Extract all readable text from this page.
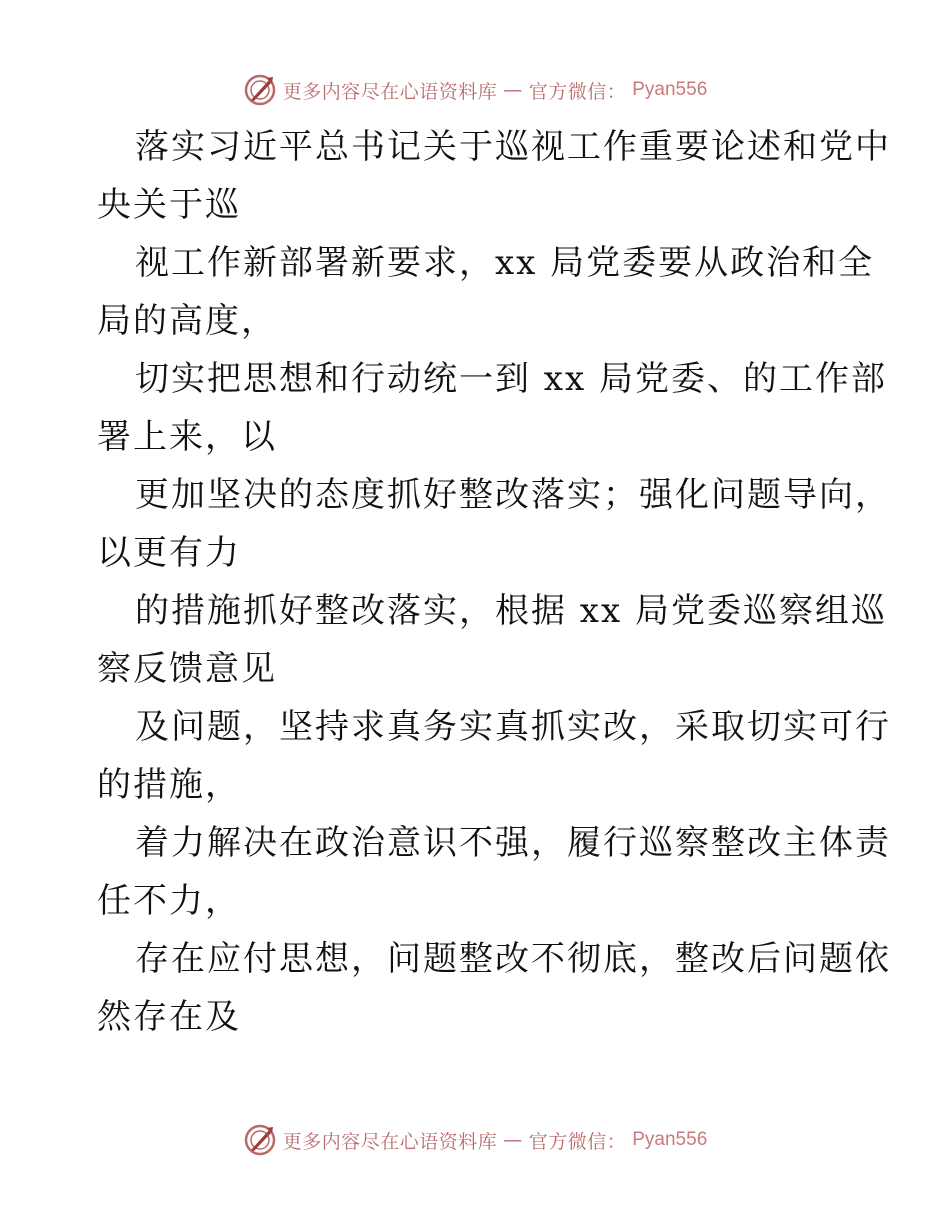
更多内容尽在心语资料库 — 官方微信： Pyan556

落实习近平总书记关于巡视工作重要论述和党中
央关于巡

视工作新部署新要求，xx 局党委要从政治和全
局的高度，

切实把思想和行动统一到 xx 局党委、的工作部
署上来，以

更加坚决的态度抓好整改落实；强化问题导向，
以更有力

的措施抓好整改落实，根据 xx 局党委巡察组巡
察反馈意见

及问题，坚持求真务实真抓实改，采取切实可行
的措施，

着力解决在政治意识不强，履行巡察整改主体责
任不力，

存在应付思想，问题整改不彻底，整改后问题依
然存在及

更多内容尽在心语资料库 — 官方微信： Pyan556
